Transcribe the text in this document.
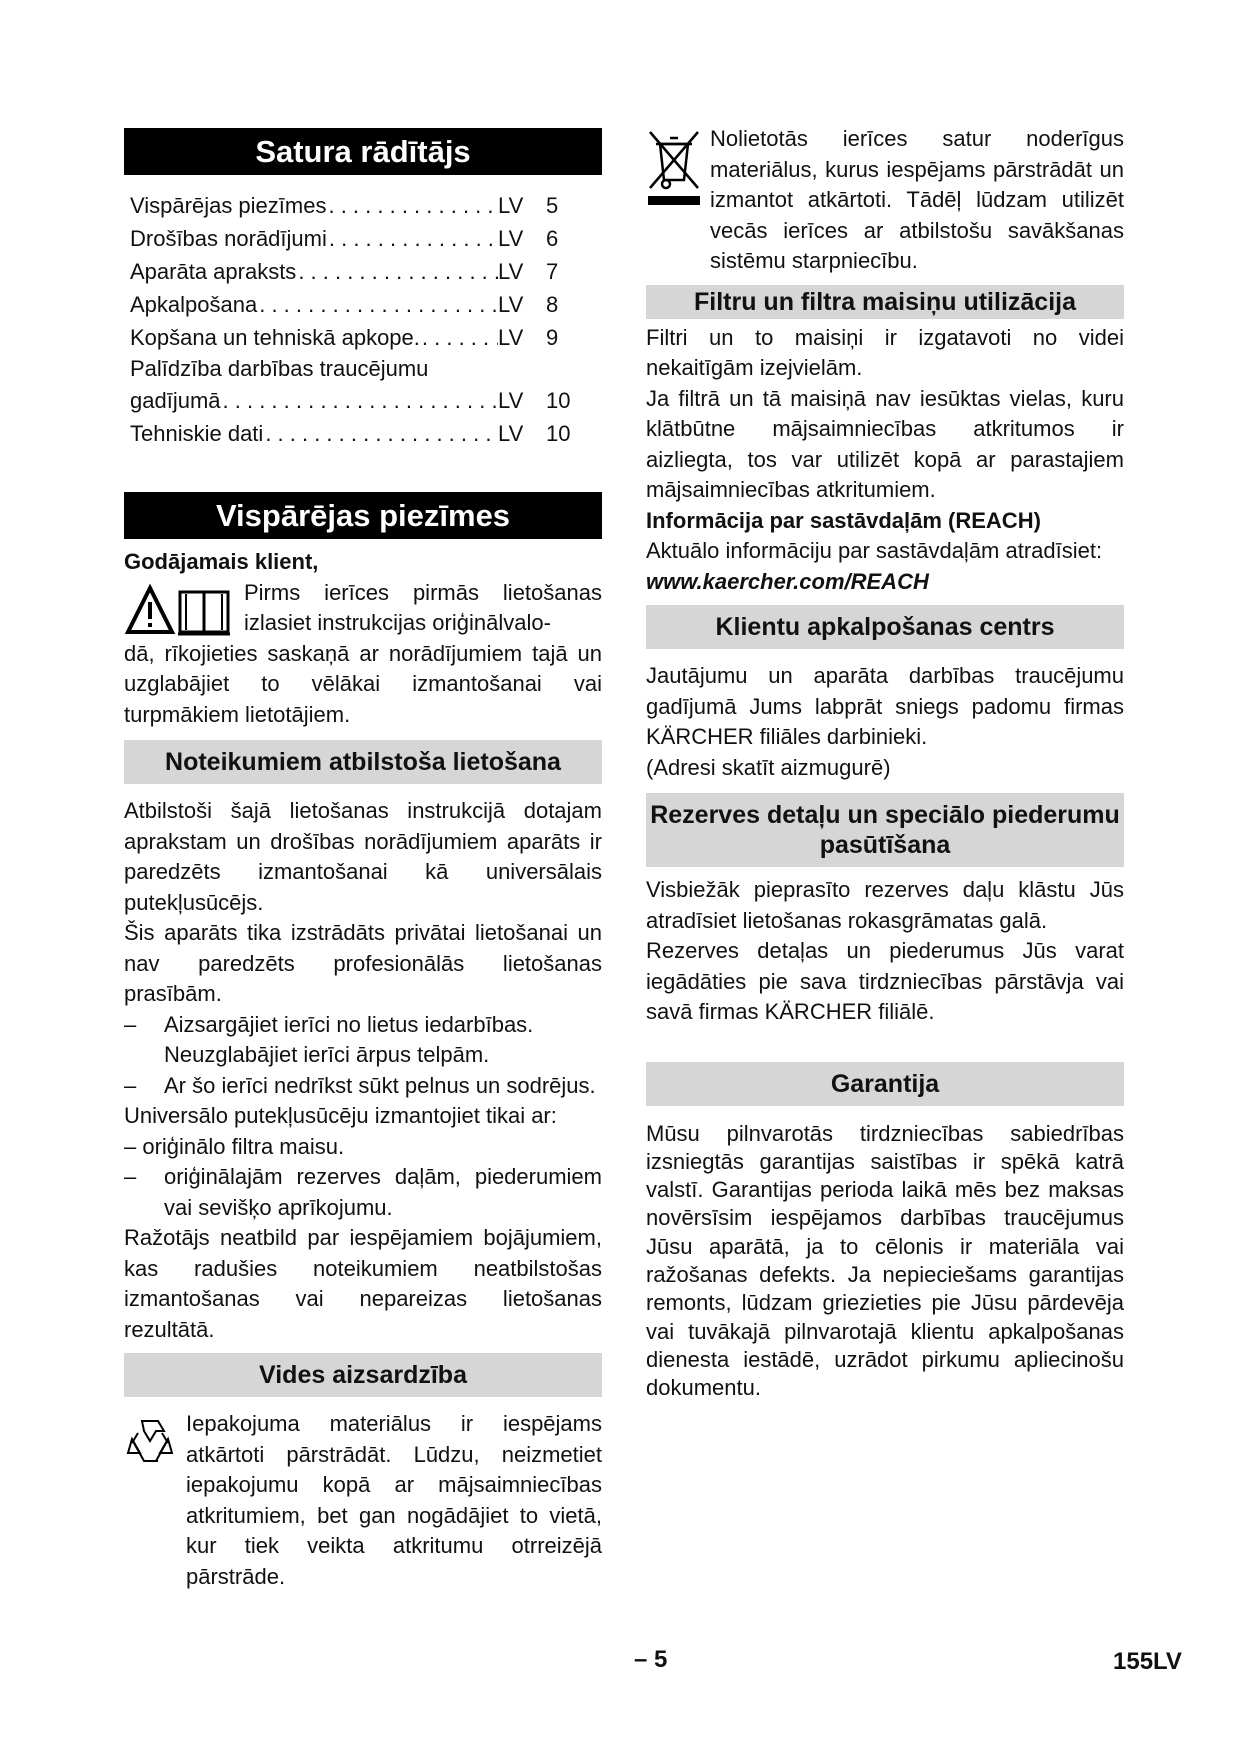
Satura rādītājs
Vispārējas piezīmes . . .	LV	5
Drošības norādījumi . . .	LV	6
Aparāta apraksts . . .	LV	7
Apkalpošana . . .	LV	8
Kopšana un tehniskā apkope. . . .	LV	9
Palīdzība darbības traucējumu
gadījumā . . .	LV	10
Tehniskie dati . . .	LV	10
Vispārējas piezīmes

Godājamais klient,

Pirms ierīces pirmās lietošanas izlasiet instrukcijas oriģinālvalo-

dā, rīkojieties saskaņā ar norādījumiem tajā un uzglabājiet to vēlākai izmantošanai vai turpmākiem lietotājiem.

Noteikumiem atbilstoša lietošana

Atbilstoši šajā lietošanas instrukcijā dotajam aprakstam un drošības norādījumiem aparāts ir paredzēts izmantošanai kā universālais putekļusūcējs.

Šis aparāts tika izstrādāts privātai lietošanai un nav paredzēts profesionālās lietošanas prasībām.

–	Aizsargājiet ierīci no lietus iedarbības. Neuzglabājiet ierīci ārpus telpām.

–	Ar šo ierīci nedrīkst sūkt pelnus un sodrējus.

Universālo putekļusūcēju izmantojiet tikai ar:

– oriģinālo filtra maisu.

–	oriģinālajām rezerves daļām, piederumiem vai sevišķo aprīkojumu.

Ražotājs neatbild par iespējamiem bojājumiem, kas radušies noteikumiem neatbilstošas izmantošanas vai nepareizas lietošanas rezultātā.

Vides aizsardzība

Iepakojuma materiālus ir iespējams atkārtoti pārstrādāt. Lūdzu, neizmetiet iepakojumu kopā ar mājsaimniecības atkritumiem, bet gan nogādājiet to vietā, kur tiek veikta atkritumu otrreizējā pārstrāde.

Nolietotās ierīces satur noderīgus materiālus, kurus iespējams pārstrādāt un izmantot atkārtoti. Tādēļ lūdzam utilizēt vecās ierīces ar atbilstošu savākšanas sistēmu starpniecību.

Filtru un filtra maisiņu utilizācija

Filtri un to maisiņi ir izgatavoti no videi nekaitīgām izejvielām.

Ja filtrā un tā maisiņā nav iesūktas vielas, kuru klātbūtne mājsaimniecības atkritumos ir aizliegta, tos var utilizēt kopā ar parastajiem mājsaimniecības atkritumiem.

Informācija par sastāvdaļām (REACH)

Aktuālo informāciju par sastāvdaļām atradīsiet:

www.kaercher.com/REACH

Klientu apkalpošanas centrs

Jautājumu un aparāta darbības traucējumu gadījumā Jums labprāt sniegs padomu firmas KÄRCHER filiāles darbinieki.

(Adresi skatīt aizmugurē)

Rezerves detaļu un speciālo piederumu pasūtīšana

Visbiežāk pieprasīto rezerves daļu klāstu Jūs atradīsiet lietošanas rokasgrāmatas galā.

Rezerves detaļas un piederumus Jūs varat iegādāties pie sava tirdzniecības pārstāvja vai savā firmas KÄRCHER filiālē.

Garantija

Mūsu pilnvarotās tirdzniecības sabiedrības izsniegtās garantijas saistības ir spēkā katrā valstī. Garantijas perioda laikā mēs bez maksas novērsīsim iespējamos darbības traucējumus Jūsu aparātā, ja to cēlonis ir materiāla vai ražošanas defekts. Ja nepieciešams garantijas remonts, lūdzam griezieties pie Jūsu pārdevēja vai tuvākajā pilnvarotajā klientu apkalpošanas dienesta iestādē, uzrādot pirkumu apliecinošu dokumentu.

– 5	155LV
